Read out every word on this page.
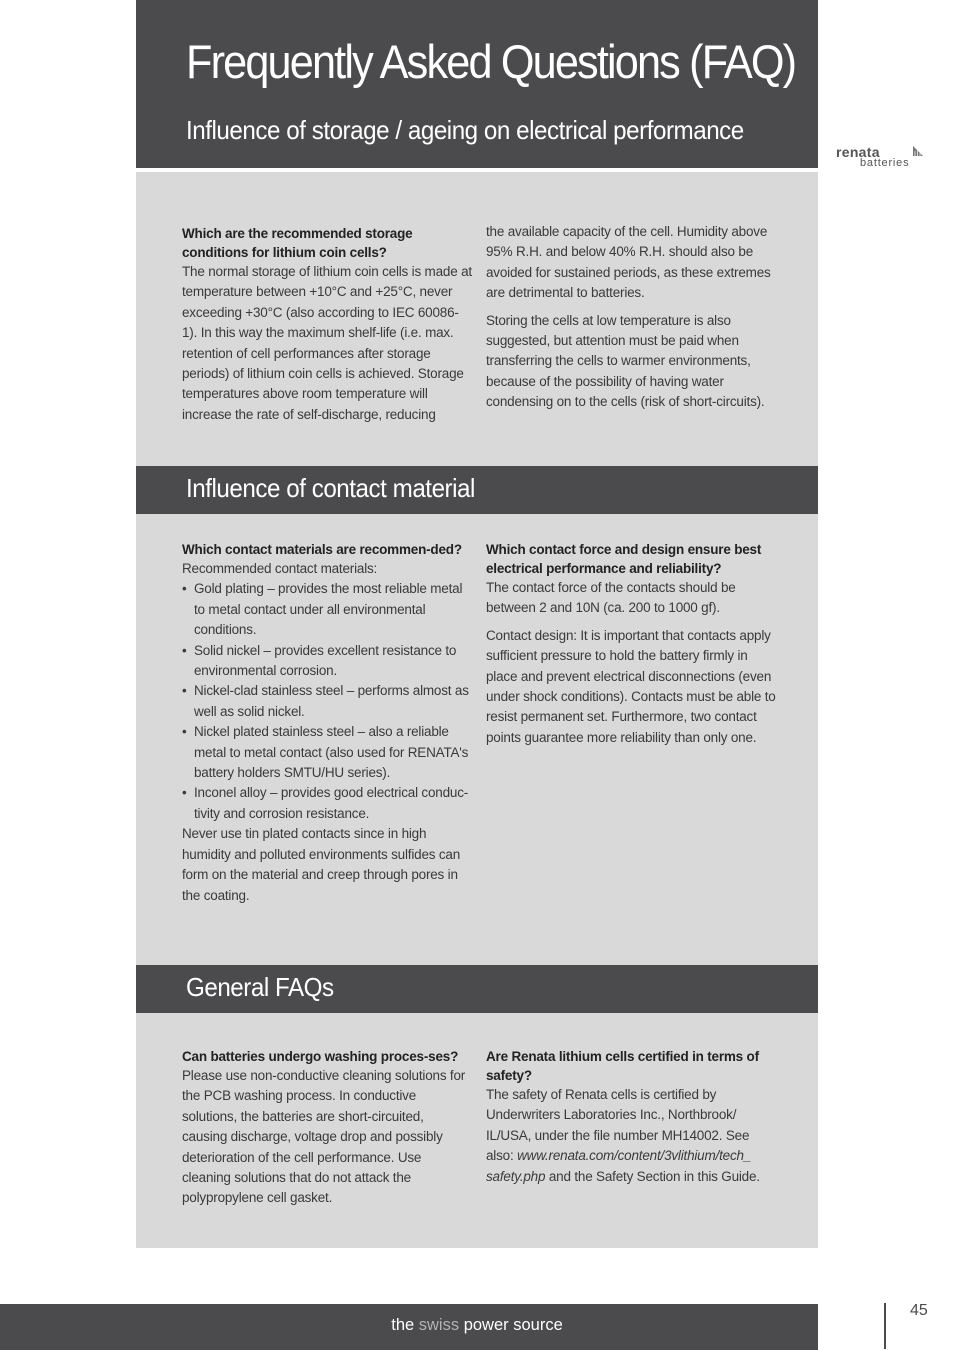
Frequently Asked Questions (FAQ)
Influence of storage / ageing on electrical performance
renata
batteries
Which are the recommended storage conditions for lithium coin cells?

The normal storage of lithium coin cells is made at temperature between +10°C and +25°C, never exceeding +30°C (also according to IEC 60086-1). In this way the maximum shelf-life (i.e. max. retention of cell performances after storage periods) of lithium coin cells is achieved. Storage temperatures above room temperature will increase the rate of self-discharge, reducing

the available capacity of the cell. Humidity above 95% R.H. and below 40% R.H. should also be avoided for sustained periods, as these extremes are detrimental to batteries.

Storing the cells at low temperature is also suggested, but attention must be paid when transferring the cells to warmer environments, because of the possibility of having water condensing on to the cells (risk of short-circuits).

Influence of contact material
Which contact materials are recommen-ded?

Recommended contact materials:

• Gold plating – provides the most reliable metal to metal contact under all environmental conditions.
• Solid nickel – provides excellent resistance to environmental corrosion.
• Nickel-clad stainless steel – performs almost as well as solid nickel.
• Nickel plated stainless steel – also a reliable metal to metal contact (also used for RENATA's battery holders SMTU/HU series).
• Inconel alloy – provides good electrical conduc-tivity and corrosion resistance.

Never use tin plated contacts since in high humidity and polluted environments sulfides can form on the material and creep through pores in the coating.

Which contact force and design ensure best electrical performance and reliability?

The contact force of the contacts should be between 2 and 10N (ca. 200 to 1000 gf).

Contact design: It is important that contacts apply sufficient pressure to hold the battery firmly in place and prevent electrical disconnections (even under shock conditions). Contacts must be able to resist permanent set. Furthermore, two contact points guarantee more reliability than only one.

General FAQs
Can batteries undergo washing proces-ses?

Please use non-conductive cleaning solutions for the PCB washing process. In conductive solutions, the batteries are short-circuited, causing discharge, voltage drop and possibly deterioration of the cell performance. Use cleaning solutions that do not attack the polypropylene cell gasket.

Are Renata lithium cells certified in terms of safety?

The safety of Renata cells is certified by Underwriters Laboratories Inc., Northbrook/ IL/USA, under the file number MH14002. See also: www.renata.com/content/3vlithium/tech_ safety.php and the Safety Section in this Guide.

the swiss power source
45
